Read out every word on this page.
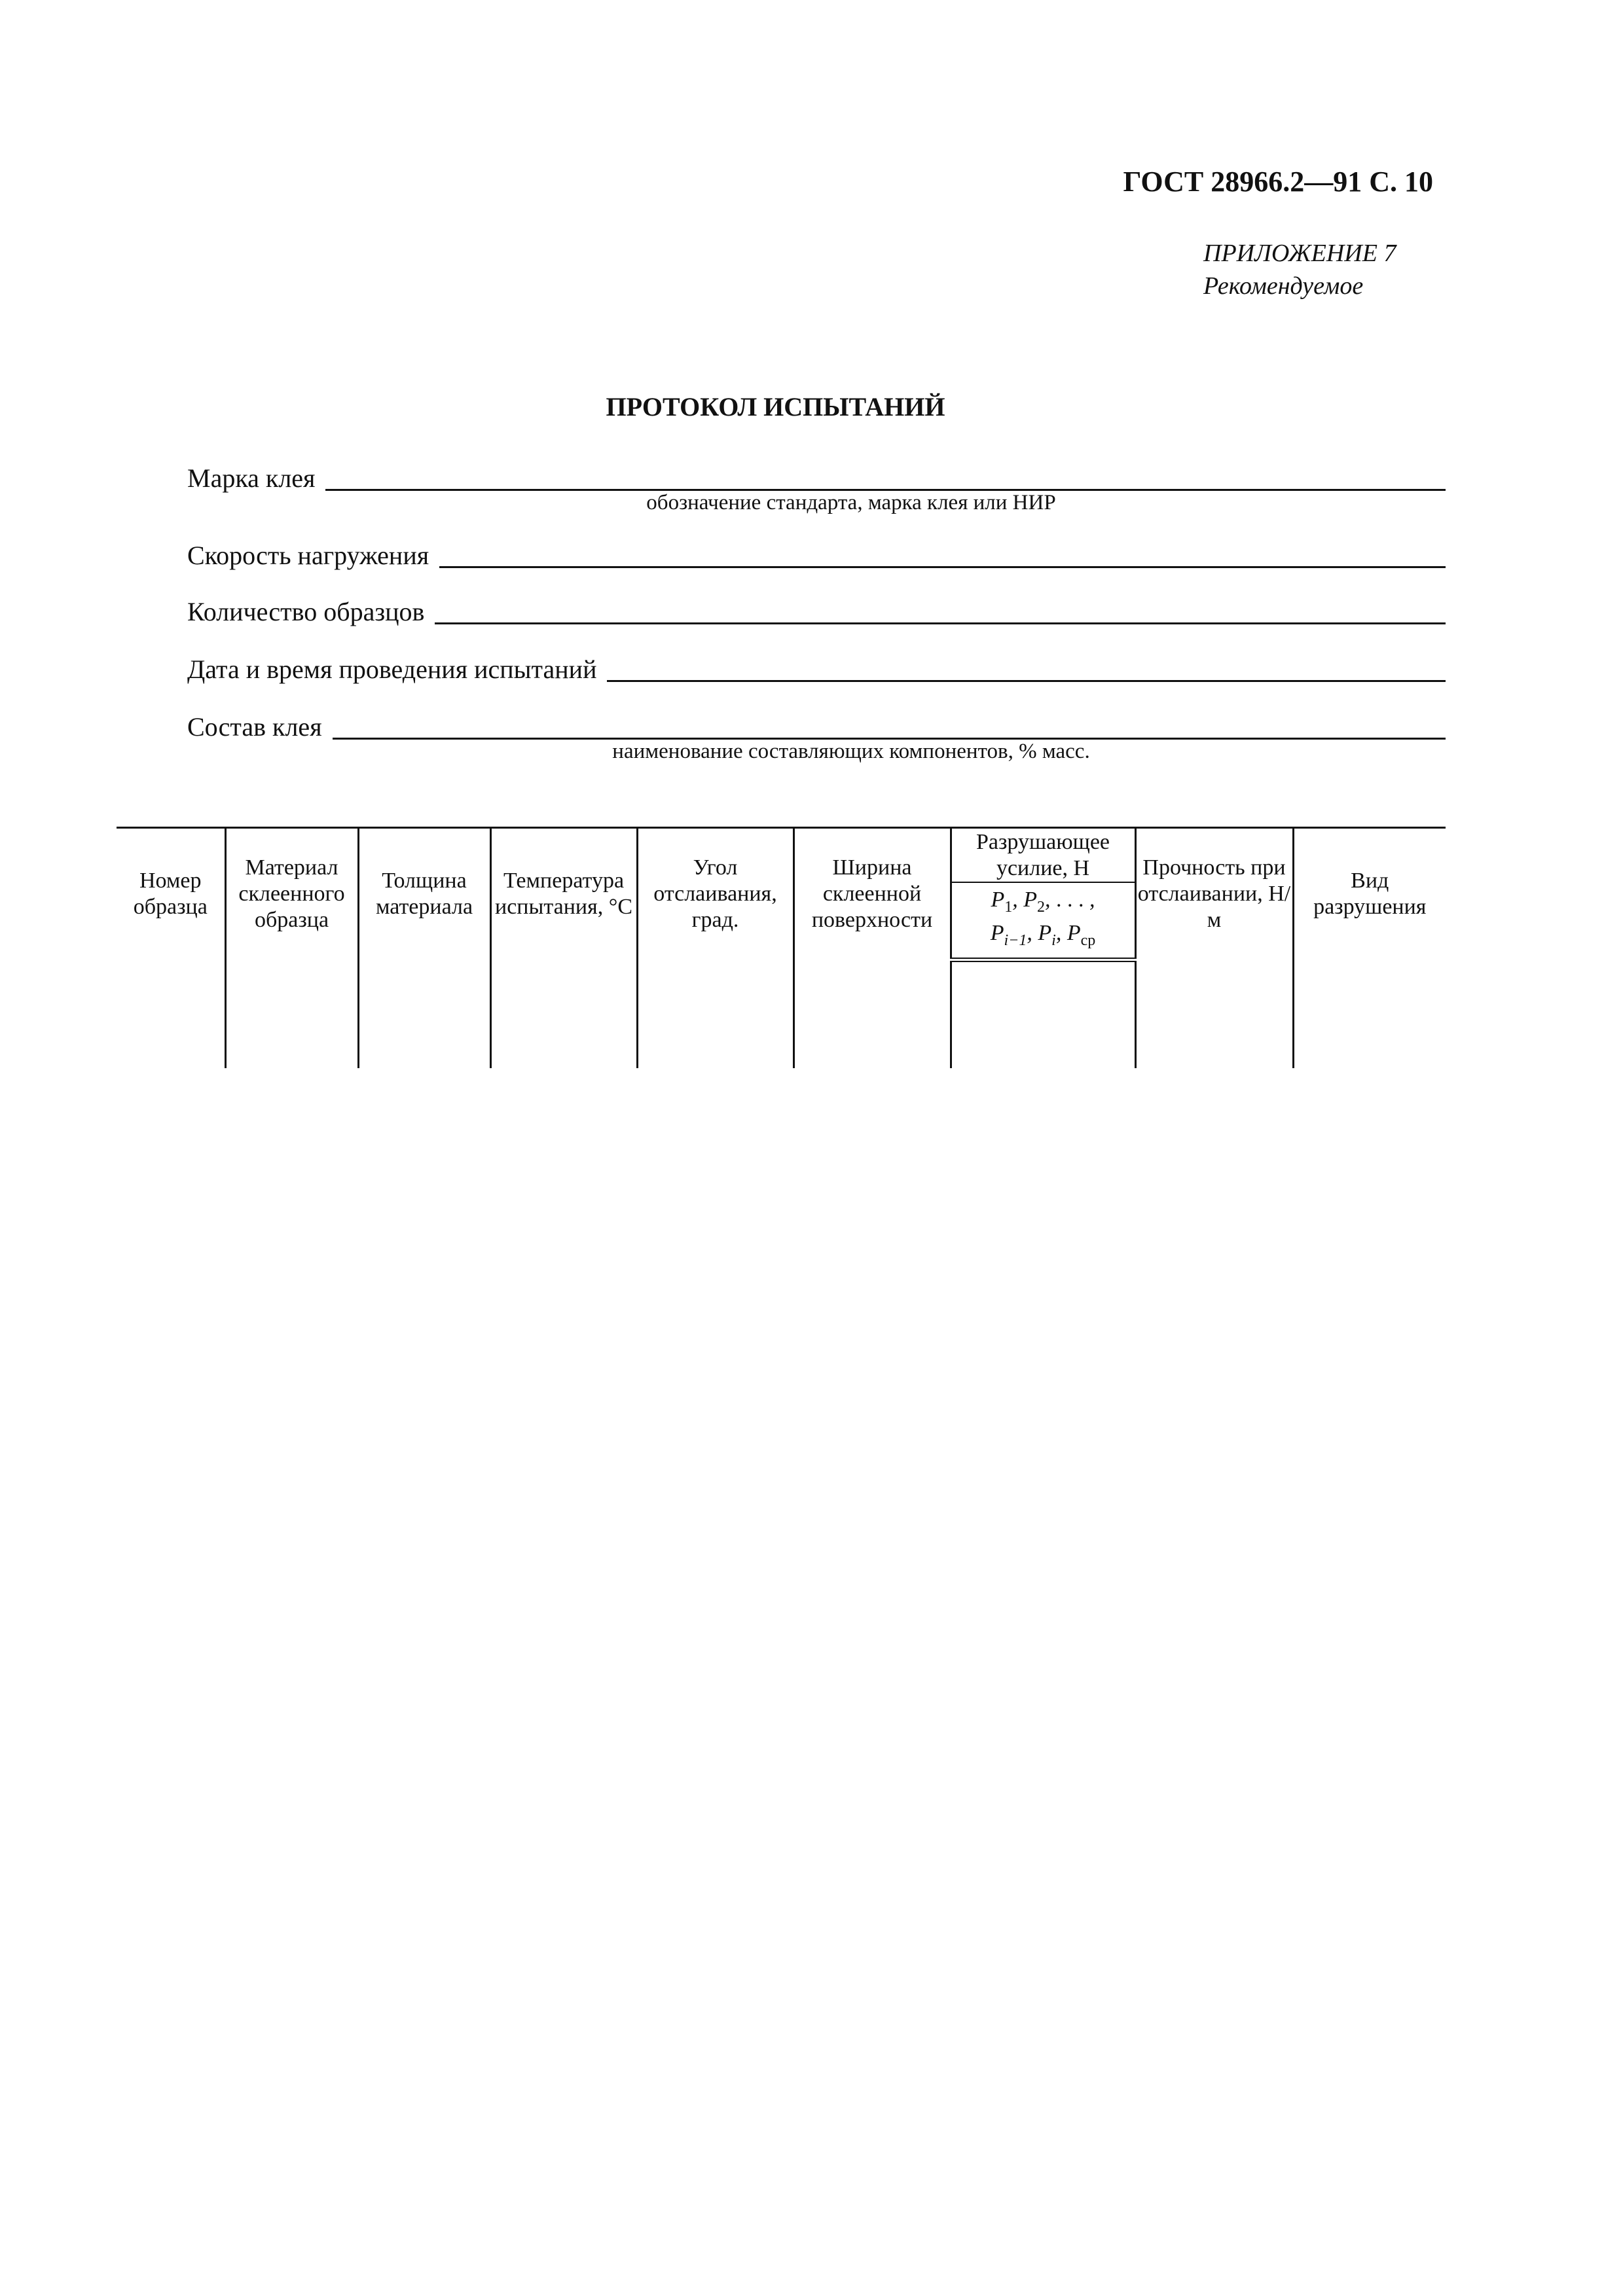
ГОСТ 28966.2—91 С. 10
ПРИЛОЖЕНИЕ 7
Рекомендуемое
ПРОТОКОЛ ИСПЫТАНИЙ
Марка клея
обозначение стандарта, марка клея или НИР
Скорость нагружения
Количество образцов
Дата и время проведения испытаний
Состав клея
наименование составляющих компонентов, % масс.
Номер образца	Материал склеенного образца	Толщина материала	Температура испытания, °С	Угол отслаивания, град.	Ширина склеенной поверхности	Разрушающее усилие, Н	Прочность при отслаивании, Н/м	Вид разрушения

						$P_1$, $P_2$, . . . ,
$P_{i-1}$, $P_i$, $P_{ср}$
